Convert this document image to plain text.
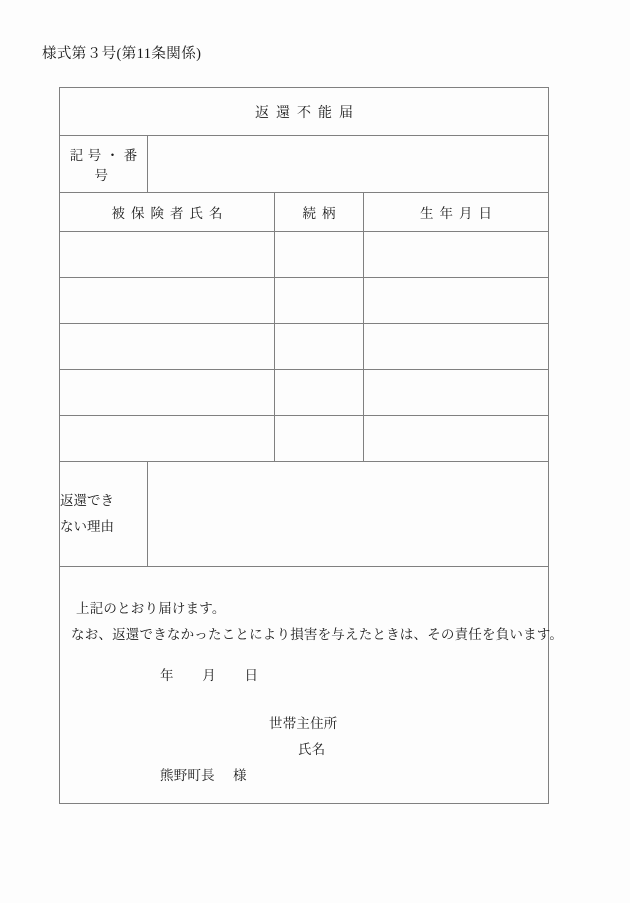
様式第３号(第11条関係)
返還不能届			
記号・番号			
被保険者氏名		続柄	生年月日

返還でき
ない理由			

上記のとおり届けます。
なお、返還できなかったことにより損害を与えたときは、その責任を負います。
年 月 日
世帯主住所
氏名
熊野町長 様
